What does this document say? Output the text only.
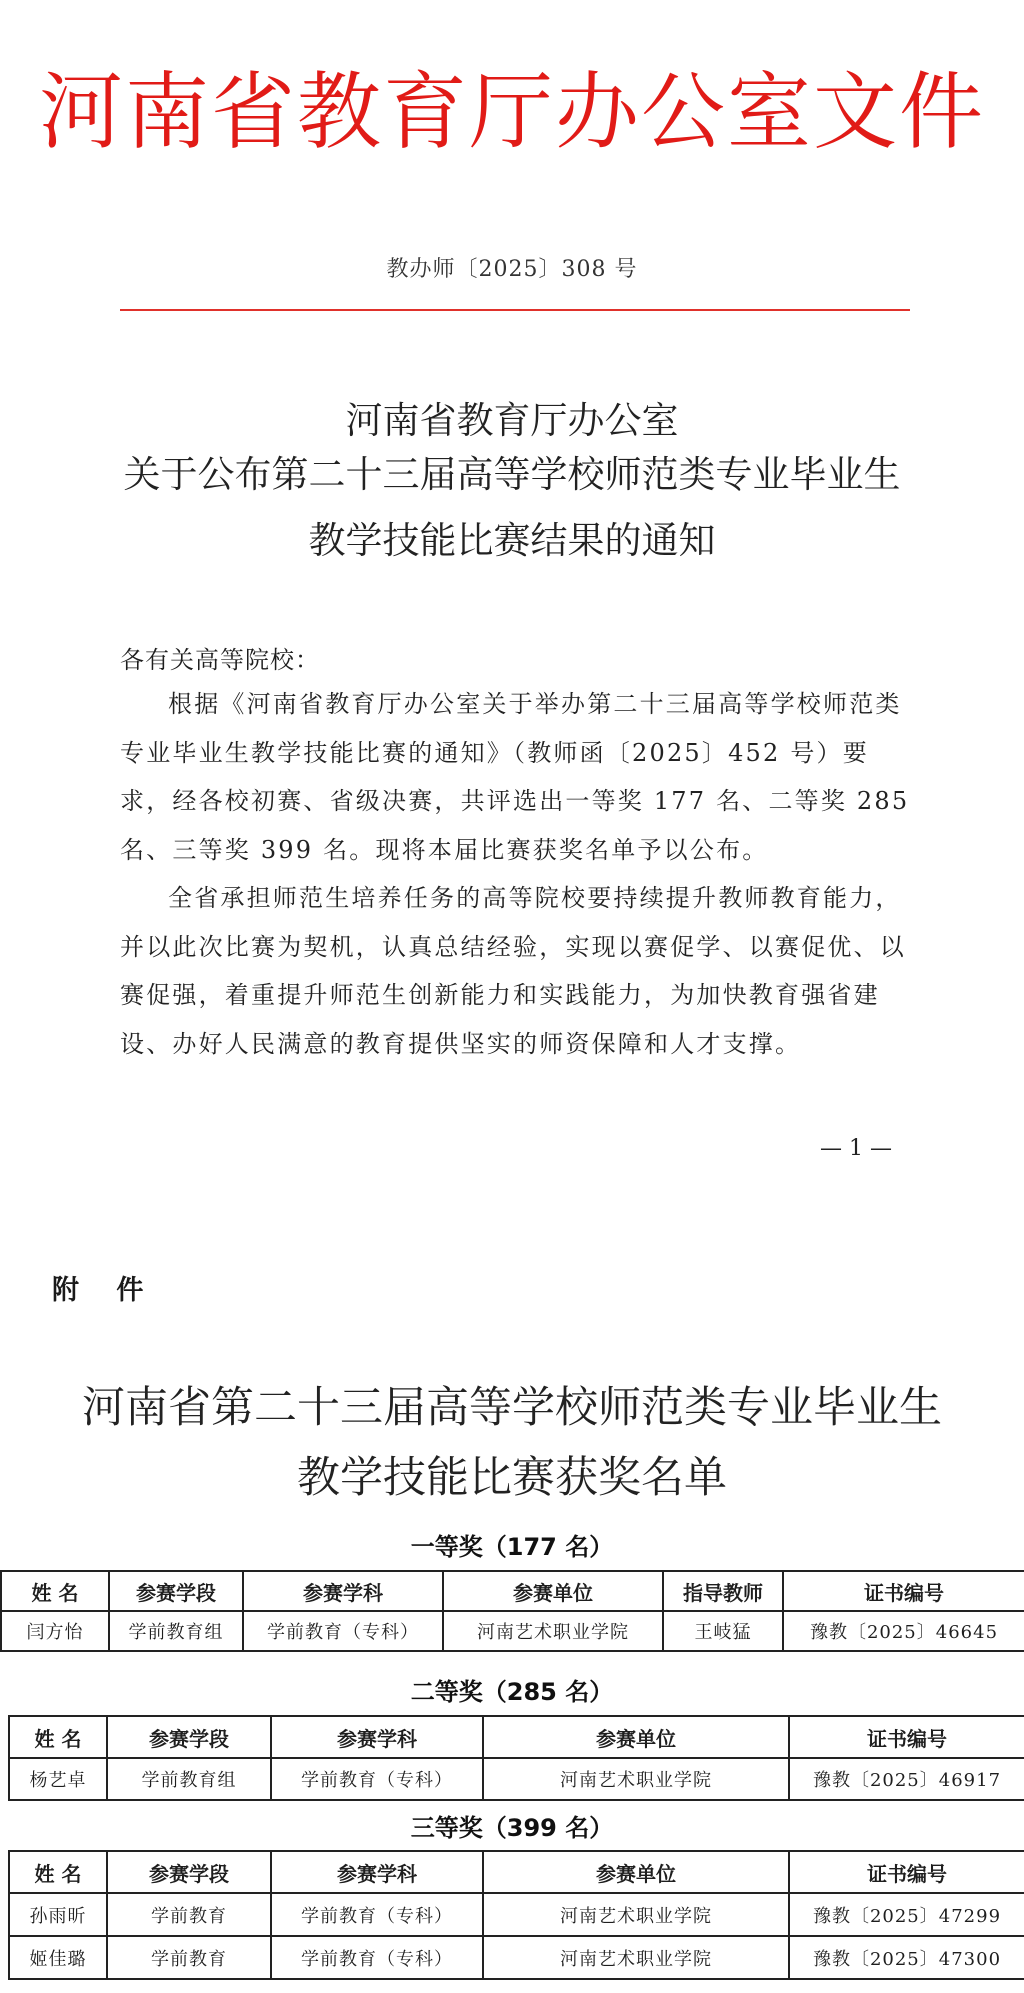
河南省教育厅办公室文件
教办师〔2025〕308 号
河南省教育厅办公室
关于公布第二十三届高等学校师范类专业毕业生
教学技能比赛结果的通知
各有关高等院校：

根据《河南省教育厅办公室关于举办第二十三届高等学校师范类专业毕业生教学技能比赛的通知》（教师函〔2025〕452 号）要求，经各校初赛、省级决赛，共评选出一等奖 177 名、二等奖 285 名、三等奖 399 名。现将本届比赛获奖名单予以公布。

全省承担师范生培养任务的高等院校要持续提升教师教育能力，并以此次比赛为契机，认真总结经验，实现以赛促学、以赛促优、以赛促强，着重提升师范生创新能力和实践能力，为加快教育强省建设、办好人民满意的教育提供坚实的师资保障和人才支撑。

— 1 —
附 件
河南省第二十三届高等学校师范类专业毕业生
教学技能比赛获奖名单
一等奖（177 名）
姓 名	参赛学段	参赛学科	参赛单位	指导教师	证书编号
闫方怡	学前教育组	学前教育（专科）	河南艺术职业学院	王岐猛	豫教〔2025〕46645
二等奖（285 名）
姓 名	参赛学段	参赛学科	参赛单位	证书编号
杨艺卓	学前教育组	学前教育（专科）	河南艺术职业学院	豫教〔2025〕46917
三等奖（399 名）
姓 名	参赛学段	参赛学科	参赛单位	证书编号
孙雨昕	学前教育	学前教育（专科）	河南艺术职业学院	豫教〔2025〕47299
姬佳璐	学前教育	学前教育（专科）	河南艺术职业学院	豫教〔2025〕47300
